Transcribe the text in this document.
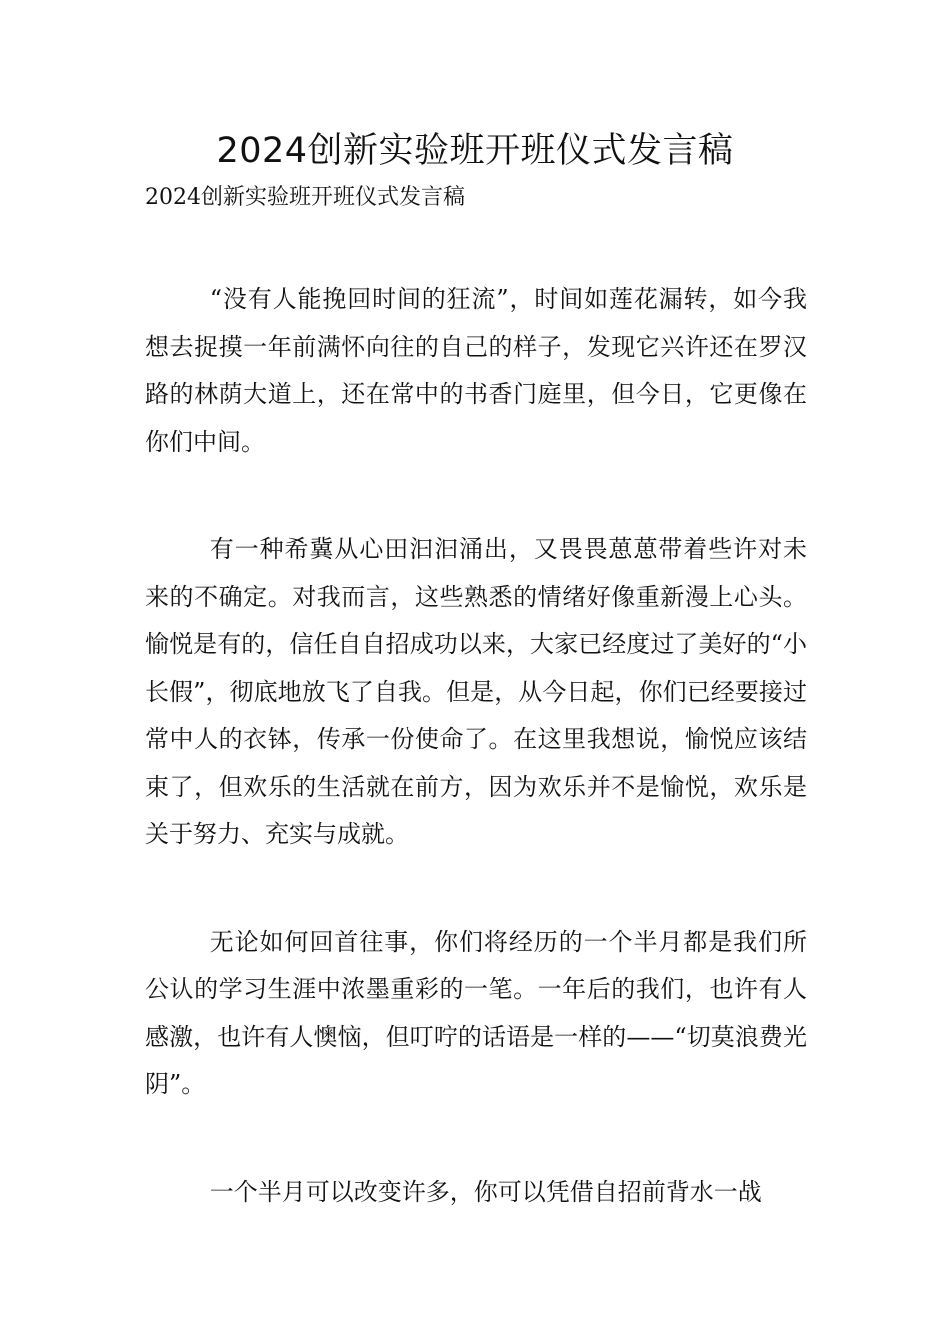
2024创新实验班开班仪式发言稿

2024创新实验班开班仪式发言稿

“没有人能挽回时间的狂流”，时间如莲花漏转，如今我想去捉摸一年前满怀向往的自己的样子，发现它兴许还在罗汉路的林荫大道上，还在常中的书香门庭里，但今日，它更像在你们中间。

有一种希冀从心田汩汩涌出，又畏畏葸葸带着些许对未来的不确定。对我而言，这些熟悉的情绪好像重新漫上心头。愉悦是有的，信任自自招成功以来，大家已经度过了美好的“小长假”，彻底地放飞了自我。但是，从今日起，你们已经要接过常中人的衣钵，传承一份使命了。在这里我想说，愉悦应该结束了，但欢乐的生活就在前方，因为欢乐并不是愉悦，欢乐是关于努力、充实与成就。

无论如何回首往事，你们将经历的一个半月都是我们所公认的学习生涯中浓墨重彩的一笔。一年后的我们，也许有人感激，也许有人懊恼，但叮咛的话语是一样的——“切莫浪费光阴”。

一个半月可以改变许多，你可以凭借自招前背水一战
